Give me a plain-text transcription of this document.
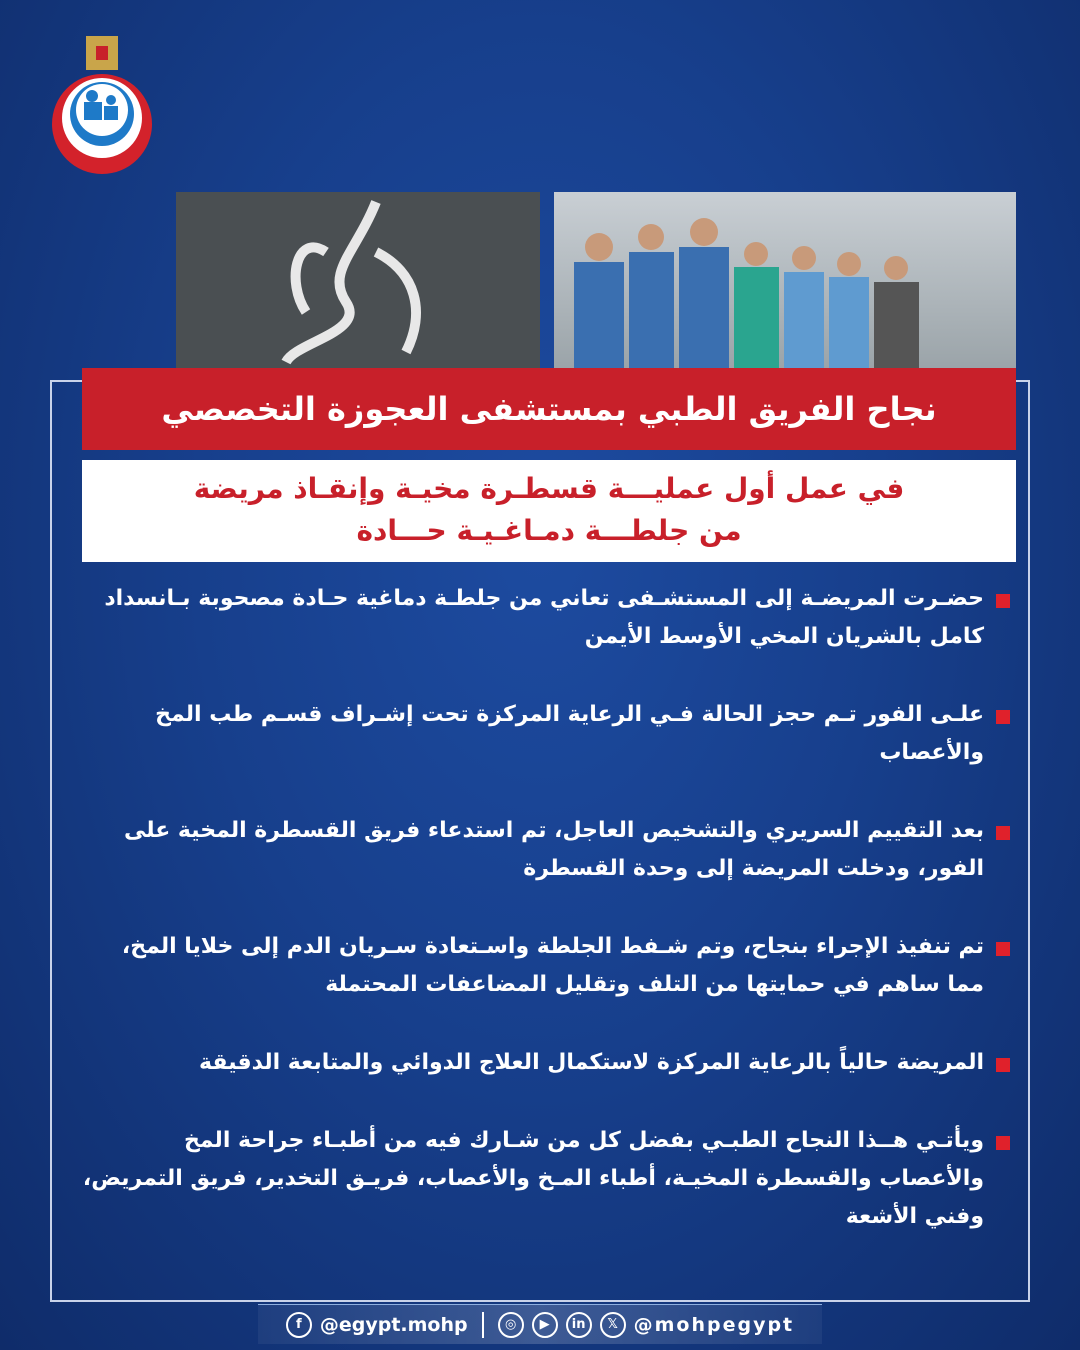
نجاح الفريق الطبي بمستشفى العجوزة التخصصي
في عمل أول عمليـــة قسطـرة مخيـة وإنقـاذ مريضة
من جلطـــة دمـاغـيـة حـــادة
حضـرت المريضـة إلى المستشـفى تعاني من جلطـة دماغية حـادة مصحوبة بـانسداد كامل بالشريان المخي الأوسط الأيمن
علـى الفور تـم حجز الحالة فـي الرعاية المركزة تحت إشـراف قسـم طب المخ والأعصاب
بعد التقييم السريري والتشخيص العاجل، تم استدعاء فريق القسطرة المخية على الفور، ودخلت المريضة إلى وحدة القسطرة
تم تنفيذ الإجراء بنجاح، وتم شـفط الجلطة واسـتعادة سـريان الدم إلى خلايا المخ، مما ساهم في حمايتها من التلف وتقليل المضاعفات المحتملة
المريضة حالياً بالرعاية المركزة لاستكمال العلاج الدوائي والمتابعة الدقيقة
ويأتـي هــذا النجاح الطبـي بفضل كل من شـارك فيه من أطبـاء جراحة المخ والأعصاب والقسطرة المخيـة، أطباء المـخ والأعصاب، فريـق التخدير، فريق التمريض، وفني الأشعة
f @egypt.mohp	◎	▶	in	𝕏 @mohpegypt
